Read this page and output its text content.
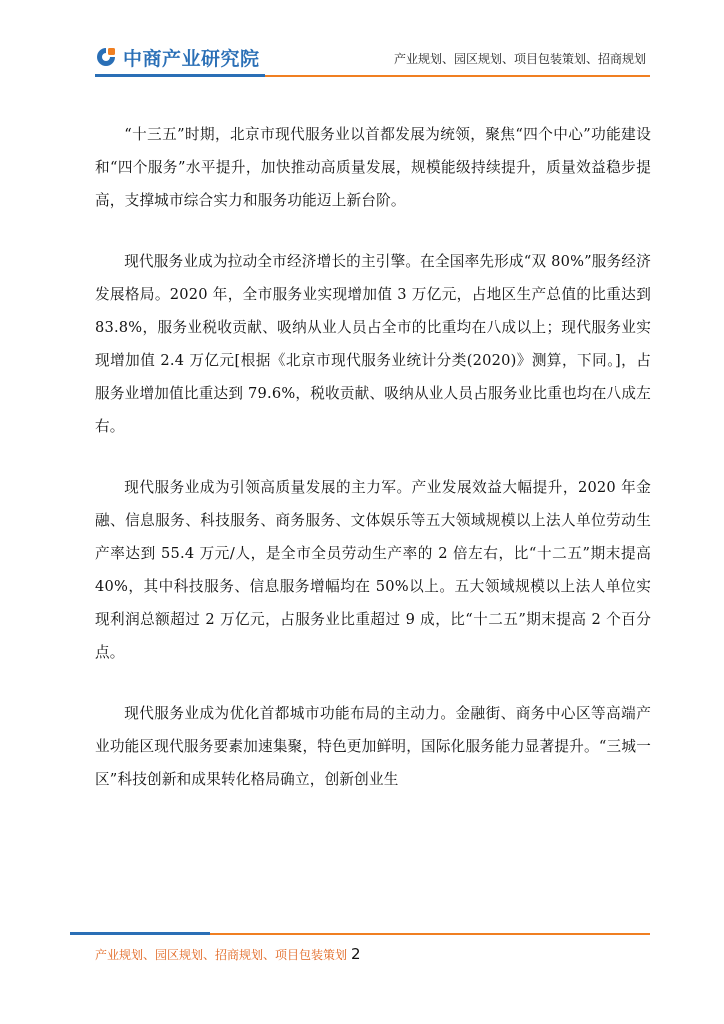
中商产业研究院	产业规划、园区规划、项目包装策划、招商规划

“十三五”时期，北京市现代服务业以首都发展为统领，聚焦“四个中心”功能建设和“四个服务”水平提升，加快推动高质量发展，规模能级持续提升，质量效益稳步提高，支撑城市综合实力和服务功能迈上新台阶。

现代服务业成为拉动全市经济增长的主引擎。在全国率先形成“双 80%”服务经济发展格局。2020 年，全市服务业实现增加值 3 万亿元，占地区生产总值的比重达到 83.8%，服务业税收贡献、吸纳从业人员占全市的比重均在八成以上；现代服务业实现增加值 2.4 万亿元[根据《北京市现代服务业统计分类(2020)》测算，下同。]，占服务业增加值比重达到 79.6%，税收贡献、吸纳从业人员占服务业比重也均在八成左右。

现代服务业成为引领高质量发展的主力军。产业发展效益大幅提升，2020 年金融、信息服务、科技服务、商务服务、文体娱乐等五大领域规模以上法人单位劳动生产率达到 55.4 万元/人，是全市全员劳动生产率的 2 倍左右，比“十二五”期末提高 40%，其中科技服务、信息服务增幅均在 50%以上。五大领域规模以上法人单位实现利润总额超过 2 万亿元，占服务业比重超过 9 成，比“十二五”期末提高 2 个百分点。

现代服务业成为优化首都城市功能布局的主动力。金融街、商务中心区等高端产业功能区现代服务要素加速集聚，特色更加鲜明，国际化服务能力显著提升。“三城一区”科技创新和成果转化格局确立，创新创业生

产业规划、园区规划、招商规划、项目包装策划 2
